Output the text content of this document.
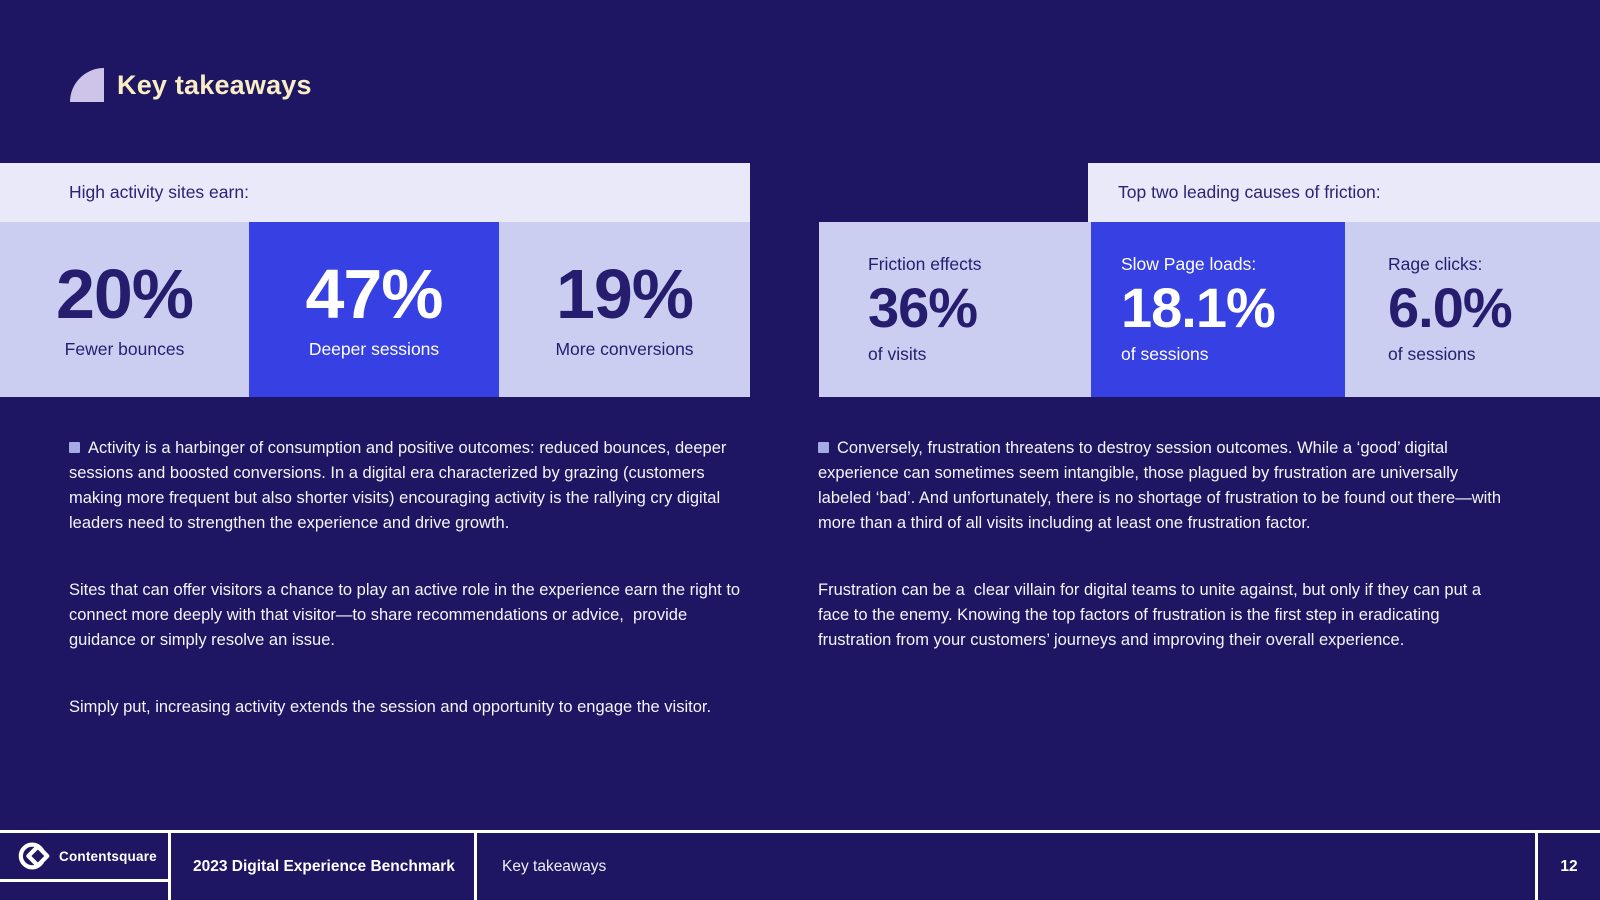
Key takeaways
High activity sites earn:
20%
Fewer bounces
47%
Deeper sessions
19%
More conversions
Top two leading causes of friction:
Friction effects
36%
of visits
Slow Page loads:
18.1%
of sessions
Rage clicks:
6.0%
of sessions

Activity is a harbinger of consumption and positive outcomes: reduced bounces, deeper sessions and boosted conversions. In a digital era characterized by grazing (customers making more frequent but also shorter visits) encouraging activity is the rallying cry digital leaders need to strengthen the experience and drive growth.

Sites that can offer visitors a chance to play an active role in the experience earn the right to connect more deeply with that visitor—to share recommendations or advice,  provide guidance or simply resolve an issue.

Simply put, increasing activity extends the session and opportunity to engage the visitor.

Conversely, frustration threatens to destroy session outcomes. While a ‘good’ digital experience can sometimes seem intangible, those plagued by frustration are universally labeled ‘bad’. And unfortunately, there is no shortage of frustration to be found out there—with more than a third of all visits including at least one frustration factor.

Frustration can be a  clear villain for digital teams to unite against, but only if they can put a face to the enemy. Knowing the top factors of frustration is the first step in eradicating frustration from your customers’ journeys and improving their overall experience.

Contentsquare
2023 Digital Experience Benchmark	Key takeaways	12
